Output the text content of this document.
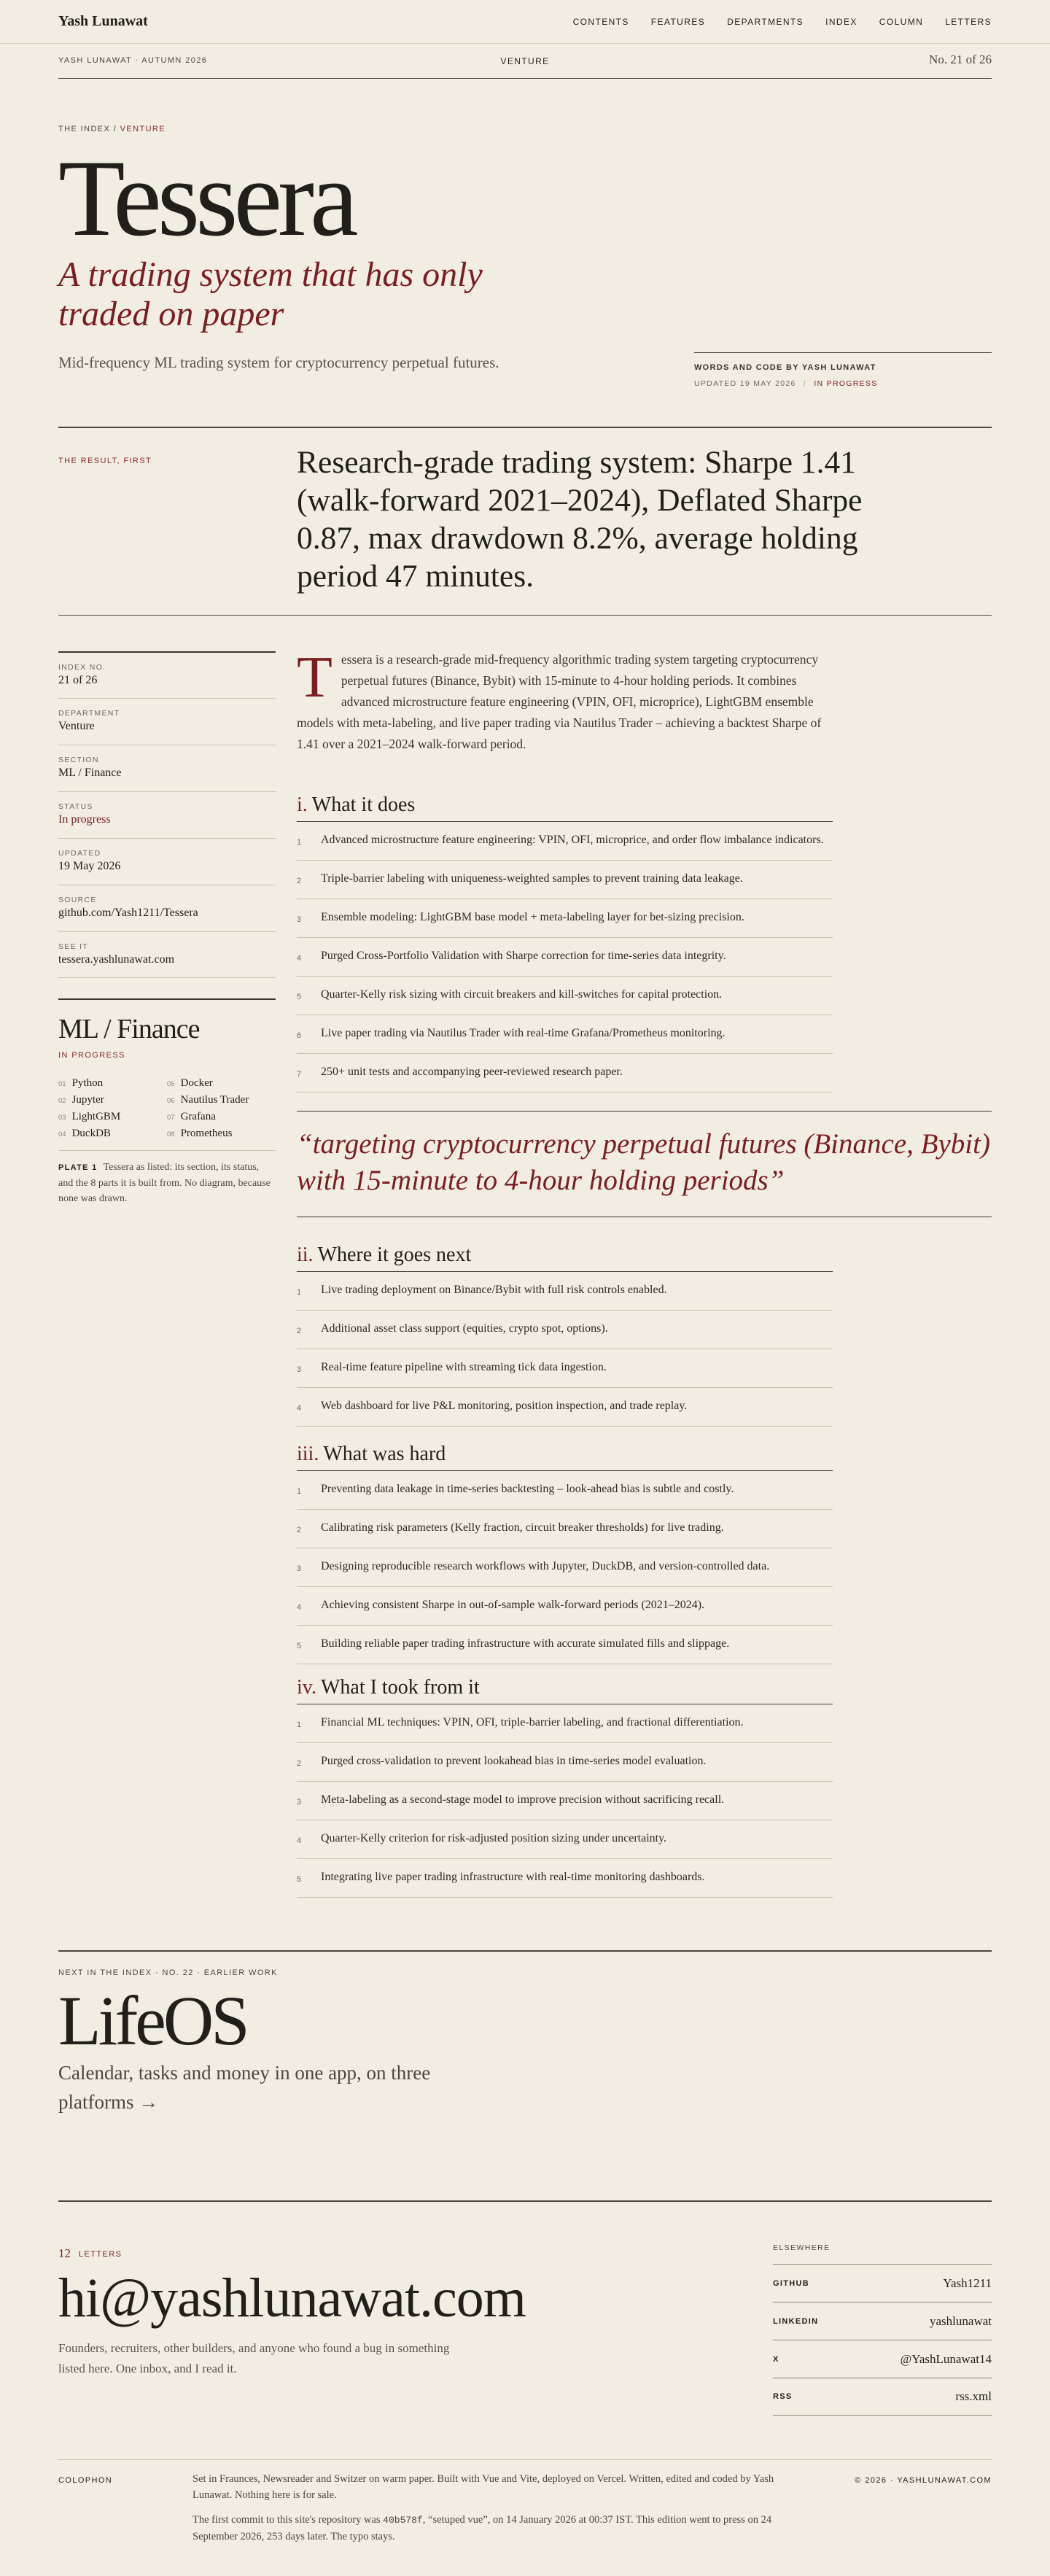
Yash Lunawat	CONTENTS	FEATURES	DEPARTMENTS	INDEX	COLUMN	LETTERS
YASH LUNAWAT · AUTUMN 2026	VENTURE	No. 21 of 26
THE INDEX / VENTURE
Tessera
A trading system that has only traded on paper
Mid-frequency ML trading system for cryptocurrency perpetual futures.	WORDS AND CODE BY YASH LUNAWAT
UPDATED 19 MAY 2026 / IN PROGRESS
THE RESULT, FIRST	Research-grade trading system: Sharpe 1.41 (walk-forward 2021–2024), Deflated Sharpe 0.87, max drawdown 8.2%, average holding period 47 minutes.
INDEX NO.
21 of 26
DEPARTMENT
Venture
SECTION
ML / Finance
STATUS
In progress
UPDATED
19 May 2026
SOURCE
github.com/Yash1211/Tessera
SEE IT
tessera.yashlunawat.com
ML / Finance
IN PROGRESS
01 Python	05 Docker
02 Jupyter	06 Nautilus Trader
03 LightGBM	07 Grafana
04 DuckDB	08 Prometheus
PLATE 1 Tessera as listed: its section, its status, and the 8 parts it is built from. No diagram, because none was drawn.
Tessera is a research-grade mid-frequency algorithmic trading system targeting cryptocurrency perpetual futures (Binance, Bybit) with 15-minute to 4-hour holding periods. It combines advanced microstructure feature engineering (VPIN, OFI, microprice), LightGBM ensemble models with meta-labeling, and live paper trading via Nautilus Trader – achieving a backtest Sharpe of 1.41 over a 2021–2024 walk-forward period.
i. What it does
1	Advanced microstructure feature engineering: VPIN, OFI, microprice, and order flow imbalance indicators.
2	Triple-barrier labeling with uniqueness-weighted samples to prevent training data leakage.
3	Ensemble modeling: LightGBM base model + meta-labeling layer for bet-sizing precision.
4	Purged Cross-Portfolio Validation with Sharpe correction for time-series data integrity.
5	Quarter-Kelly risk sizing with circuit breakers and kill-switches for capital protection.
6	Live paper trading via Nautilus Trader with real-time Grafana/Prometheus monitoring.
7	250+ unit tests and accompanying peer-reviewed research paper.
“targeting cryptocurrency perpetual futures (Binance, Bybit) with 15-minute to 4-hour holding periods”
ii. Where it goes next
1	Live trading deployment on Binance/Bybit with full risk controls enabled.
2	Additional asset class support (equities, crypto spot, options).
3	Real-time feature pipeline with streaming tick data ingestion.
4	Web dashboard for live P&L monitoring, position inspection, and trade replay.
iii. What was hard
1	Preventing data leakage in time-series backtesting – look-ahead bias is subtle and costly.
2	Calibrating risk parameters (Kelly fraction, circuit breaker thresholds) for live trading.
3	Designing reproducible research workflows with Jupyter, DuckDB, and version-controlled data.
4	Achieving consistent Sharpe in out-of-sample walk-forward periods (2021–2024).
5	Building reliable paper trading infrastructure with accurate simulated fills and slippage.
iv. What I took from it
1	Financial ML techniques: VPIN, OFI, triple-barrier labeling, and fractional differentiation.
2	Purged cross-validation to prevent lookahead bias in time-series model evaluation.
3	Meta-labeling as a second-stage model to improve precision without sacrificing recall.
4	Quarter-Kelly criterion for risk-adjusted position sizing under uncertainty.
5	Integrating live paper trading infrastructure with real-time monitoring dashboards.
NEXT IN THE INDEX · NO. 22 · EARLIER WORK
LifeOS
Calendar, tasks and money in one app, on three platforms →
12 LETTERS
hi@yashlunawat.com
Founders, recruiters, other builders, and anyone who found a bug in something listed here. One inbox, and I read it.
ELSEWHERE
GITHUB	Yash1211
LINKEDIN	yashlunawat
X	@YashLunawat14
RSS	rss.xml
COLOPHON	Set in Fraunces, Newsreader and Switzer on warm paper. Built with Vue and Vite, deployed on Vercel. Written, edited and coded by Yash Lunawat. Nothing here is for sale.

The first commit to this site's repository was 40b578f, “setuped vue”, on 14 January 2026 at 00:37 IST. This edition went to press on 24 September 2026, 253 days later. The typo stays.

© 2026 · YASHLUNAWAT.COM
